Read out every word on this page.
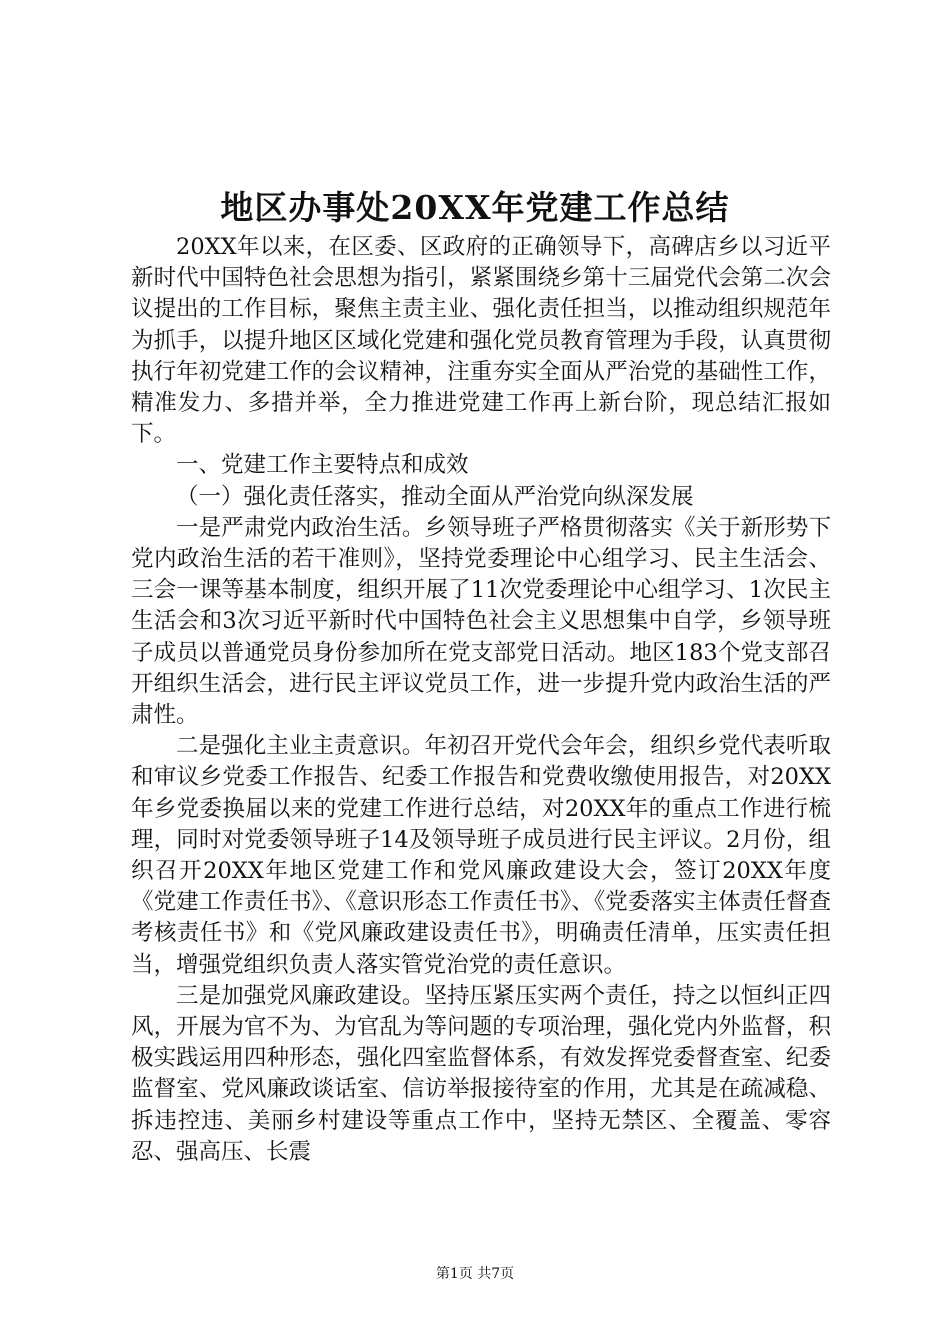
地区办事处20XX年党建工作总结

20XX年以来，在区委、区政府的正确领导下，高碑店乡以习近平新时代中国特色社会思想为指引，紧紧围绕乡第十三届党代会第二次会议提出的工作目标，聚焦主责主业、强化责任担当，以推动组织规范年为抓手，以提升地区区域化党建和强化党员教育管理为手段，认真贯彻执行年初党建工作的会议精神，注重夯实全面从严治党的基础性工作，精准发力、多措并举，全力推进党建工作再上新台阶，现总结汇报如下。

一、党建工作主要特点和成效

（一）强化责任落实，推动全面从严治党向纵深发展

一是严肃党内政治生活。乡领导班子严格贯彻落实《关于新形势下党内政治生活的若干准则》，坚持党委理论中心组学习、民主生活会、三会一课等基本制度，组织开展了11次党委理论中心组学习、1次民主生活会和3次习近平新时代中国特色社会主义思想集中自学，乡领导班子成员以普通党员身份参加所在党支部党日活动。地区183个党支部召开组织生活会，进行民主评议党员工作，进一步提升党内政治生活的严肃性。

二是强化主业主责意识。年初召开党代会年会，组织乡党代表听取和审议乡党委工作报告、纪委工作报告和党费收缴使用报告，对20XX年乡党委换届以来的党建工作进行总结，对20XX年的重点工作进行梳理，同时对党委领导班子14及领导班子成员进行民主评议。2月份，组织召开20XX年地区党建工作和党风廉政建设大会，签订20XX年度《党建工作责任书》、《意识形态工作责任书》、《党委落实主体责任督查考核责任书》和《党风廉政建设责任书》，明确责任清单，压实责任担当，增强党组织负责人落实管党治党的责任意识。

三是加强党风廉政建设。坚持压紧压实两个责任，持之以恒纠正四风，开展为官不为、为官乱为等问题的专项治理，强化党内外监督，积极实践运用四种形态，强化四室监督体系，有效发挥党委督查室、纪委监督室、党风廉政谈话室、信访举报接待室的作用，尤其是在疏减稳、拆违控违、美丽乡村建设等重点工作中，坚持无禁区、全覆盖、零容忍、强高压、长震

第1页 共7页
